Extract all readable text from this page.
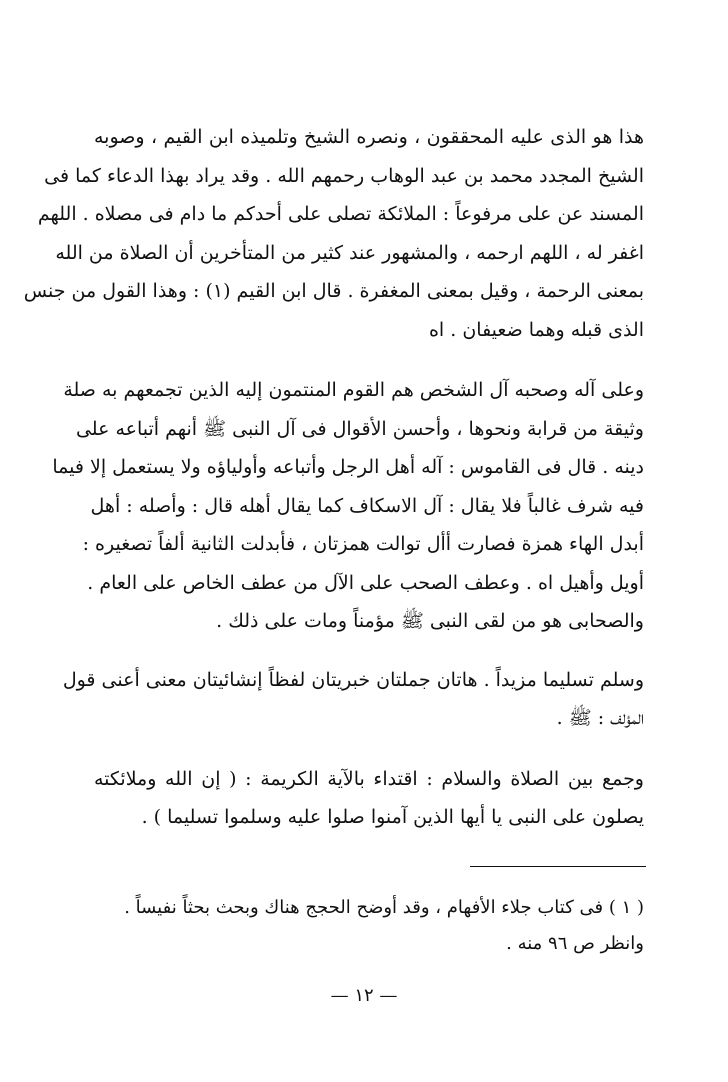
هذا هو الذى عليه المحققون ، ونصره الشيخ وتلميذه ابن القيم ، وصوبه
الشيخ المجدد محمد بن عبد الوهاب رحمهم الله . وقد يراد بهذا الدعاء كما فى
المسند عن على مرفوعاً : الملائكة تصلى على أحدكم ما دام فى مصلاه . اللهم
اغفر له ، اللهم ارحمه ، والمشهور عند كثير من المتأخرين أن الصلاة من الله
بمعنى الرحمة ، وقيل بمعنى المغفرة . قال ابن القيم (١) : وهذا القول من جنس
الذى قبله وهما ضعيفان . اه

وعلى آله وصحبه آل الشخص هم القوم المنتمون إليه الذين تجمعهم به صلة
وثيقة من قرابة ونحوها ، وأحسن الأقوال فى آل النبى ﷺ أنهم أتباعه على
دينه . قال فى القاموس : آله أهل الرجل وأتباعه وأولياؤه ولا يستعمل إلا فيما
فيه شرف غالباً فلا يقال : آل الاسكاف كما يقال أهله قال : وأصله : أهل
أبدل الهاء همزة فصارت أأل توالت همزتان ، فأبدلت الثانية ألفاً تصغيره :
أويل وأهيل اه . وعطف الصحب على الآل من عطف الخاص على العام .
والصحابى هو من لقى النبى ﷺ مؤمناً ومات على ذلك .

وسلم تسليما مزيداً . هاتان جملتان خبريتان لفظاً إنشائيتان معنى أعنى قول
المؤلف : ﷺ .

وجمع بين الصلاة والسلام : اقتداء بالآية الكريمة : ( إن الله وملائكته
يصلون على النبى يا أيها الذين آمنوا صلوا عليه وسلموا تسليما ) .

( ١ ) فى كتاب جلاء الأفهام ، وقد أوضح الحجج هناك وبحث بحثاً نفيساً .
وانظر ص ٩٦ منه .
— ١٢ —
